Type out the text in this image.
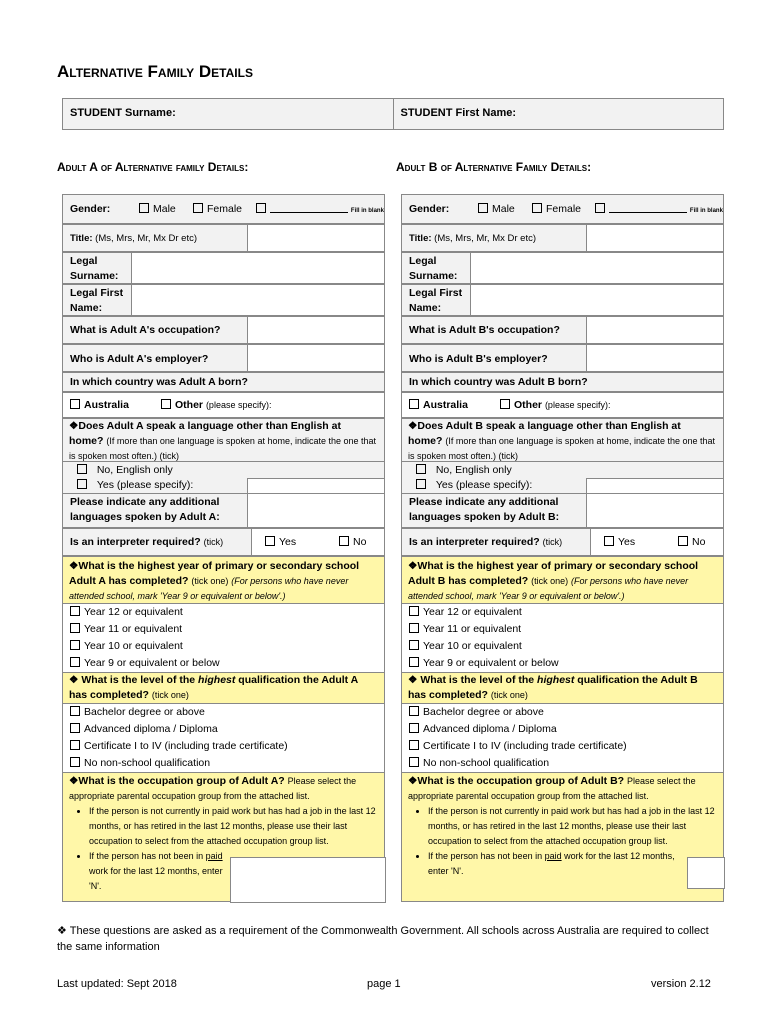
Alternative Family Details
STUDENT Surname:	STUDENT First Name:
Adult A of Alternative family Details:	Adult B of Alternative Family Details:
Gender:	Male	Female	Fill in blank
Title: (Ms, Mrs, Mr, Mx Dr etc)
Legal Surname:
Legal First Name:
What is Adult A's occupation?
Who is Adult A's employer?
In which country was Adult A born?
Australia	Other (please specify):
❖Does Adult A speak a language other than English at home? (If more than one language is spoken at home, indicate the one that is spoken most often.) (tick)
No, English only
Yes (please specify):
Please indicate any additional languages spoken by Adult A:
Is an interpreter required? (tick)	Yes	No
❖What is the highest year of primary or secondary school Adult A has completed? (tick one) (For persons who have never attended school, mark 'Year 9 or equivalent or below'.)
Year 12 or equivalent
Year 11 or equivalent
Year 10 or equivalent
Year 9 or equivalent or below
❖ What is the level of the highest qualification the Adult A has completed? (tick one)
Bachelor degree or above
Advanced diploma / Diploma
Certificate I to IV (including trade certificate)
No non-school qualification
❖What is the occupation group of Adult A? Please select the appropriate parental occupation group from the attached list.
• If the person is not currently in paid work but has had a job in the last 12 months, or has retired in the last 12 months, please use their last occupation to select from the attached occupation group list.
• If the person has not been in paid work for the last 12 months, enter 'N'.
Gender:	Male	Female	Fill in blank
Title: (Ms, Mrs, Mr, Mx Dr etc)
Legal Surname:
Legal First Name:
What is Adult B's occupation?
Who is Adult B's employer?
In which country was Adult B born?
Australia	Other (please specify):
❖Does Adult B speak a language other than English at home? (If more than one language is spoken at home, indicate the one that is spoken most often.) (tick)
No, English only
Yes (please specify):
Please indicate any additional languages spoken by Adult B:
Is an interpreter required? (tick)	Yes	No
❖What is the highest year of primary or secondary school Adult B has completed? (tick one) (For persons who have never attended school, mark 'Year 9 or equivalent or below'.)
Year 12 or equivalent
Year 11 or equivalent
Year 10 or equivalent
Year 9 or equivalent or below
❖ What is the level of the highest qualification the Adult B has completed? (tick one)
Bachelor degree or above
Advanced diploma / Diploma
Certificate I to IV (including trade certificate)
No non-school qualification
❖What is the occupation group of Adult B? Please select the appropriate parental occupation group from the attached list.
• If the person is not currently in paid work but has had a job in the last 12 months, or has retired in the last 12 months, please use their last occupation to select from the attached occupation group list.
• If the person has not been in paid work for the last 12 months, enter 'N'.
❖ These questions are asked as a requirement of the Commonwealth Government. All schools across Australia are required to collect the same information
Last updated: Sept 2018	page 1	version 2.12
